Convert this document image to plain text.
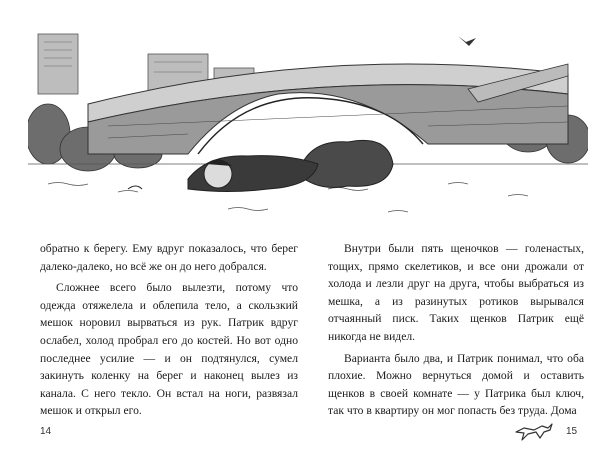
обратно к берегу. Ему вдруг показалось, что берег далеко-далеко, но всё же он до него добрался.

Сложнее всего было вылезти, потому что одежда отяжелела и облепила тело, а скользкий мешок норовил вырваться из рук. Патрик вдруг ослабел, холод пробрал его до костей. Но вот одно последнее усилие — и он подтянулся, сумел закинуть коленку на берег и наконец вылез из канала. С него текло. Он встал на ноги, развязал мешок и открыл его.

Внутри были пять щеночков — голенастых, тощих, прямо скелетиков, и все они дрожали от холода и лезли друг на друга, чтобы выбраться из мешка, а из разинутых ротиков вырывался отчаянный писк. Таких щенков Патрик ещё никогда не видел.

Вариантa было два, и Патрик понимал, что оба плохие. Можно вернуться домой и оставить щенков в своей комнате — у Патрика был ключ, так что в квартиру он мог попасть без труда. Дома

14	15
